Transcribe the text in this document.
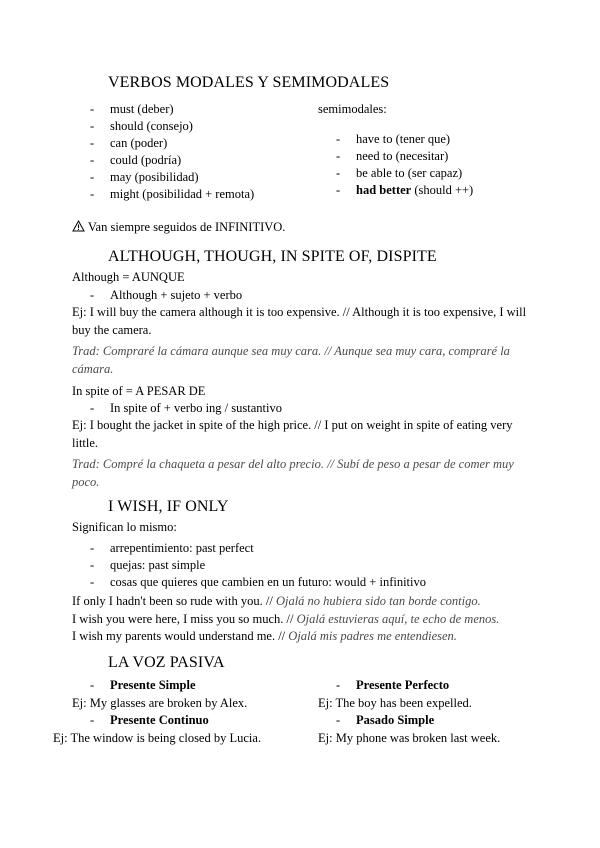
VERBOS MODALES Y SEMIMODALES
- must (deber)
- should (consejo)
- can (poder)
- could (podría)
- may (posibilidad)
- might (posibilidad + remota)
semimodales:
- have to (tener que)
- need to (necesitar)
- be able to (ser capaz)
- had better (should ++)
Van siempre seguidos de INFINITIVO.
ALTHOUGH, THOUGH, IN SPITE OF, DISPITE
Although = AUNQUE
- Although + sujeto + verbo
Ej: I will buy the camera although it is too expensive. // Although it is too expensive, I will buy the camera.
Trad: Compraré la cámara aunque sea muy cara. // Aunque sea muy cara, compraré la cámara.
In spite of = A PESAR DE
- In spite of + verbo ing / sustantivo
Ej: I bought the jacket in spite of the high price. // I put on weight in spite of eating very little.
Trad: Compré la chaqueta a pesar del alto precio. // Subí de peso a pesar de comer muy poco.
I WISH, IF ONLY
Significan lo mismo:
- arrepentimiento: past perfect
- quejas: past simple
- cosas que quieres que cambien en un futuro: would + infinitivo
If only I hadn't been so rude with you. // Ojalá no hubiera sido tan borde contigo.
I wish you were here, I miss you so much. // Ojalá estuvieras aquí, te echo de menos.
I wish my parents would understand me. // Ojalá mis padres me entendiesen.
LA VOZ PASIVA
- Presente Simple
Ej: My glasses are broken by Alex.
- Presente Continuo
Ej: The window is being closed by Lucia.
- Presente Perfecto
Ej: The boy has been expelled.
- Pasado Simple
Ej: My phone was broken last week.
